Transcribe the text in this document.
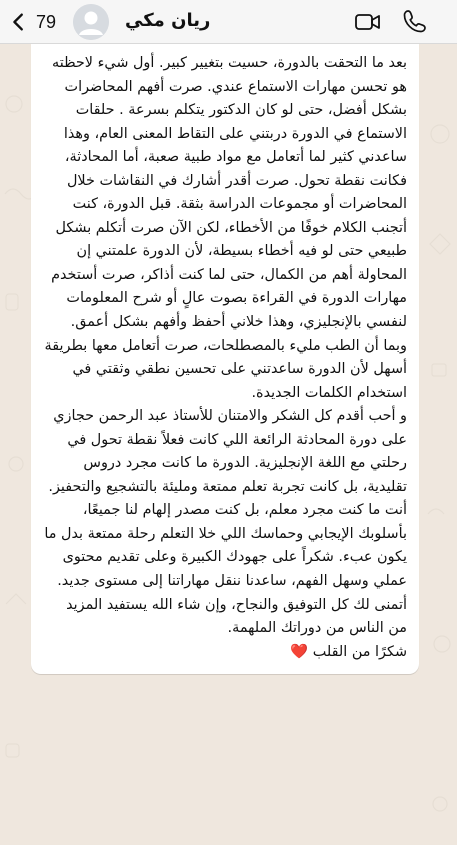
79	ريان مكي

بعد ما التحقت بالدورة، حسيت بتغيير كبير. أول شيء لاحظته هو تحسن مهارات الاستماع عندي. صرت أفهم المحاضرات بشكل أفضل، حتى لو كان الدكتور يتكلم بسرعة . حلقات الاستماع في الدورة دربتني على التقاط المعنى العام، وهذا ساعدني كثير لما أتعامل مع مواد طبية صعبة، أما المحادثة، فكانت نقطة تحول. صرت أقدر أشارك في النقاشات خلال المحاضرات أو مجموعات الدراسة بثقة. قبل الدورة، كنت أتجنب الكلام خوفًا من الأخطاء، لكن الآن صرت أتكلم بشكل طبيعي حتى لو فيه أخطاء بسيطة، لأن الدورة علمتني إن المحاولة أهم من الكمال، حتى لما كنت أذاكر، صرت أستخدم مهارات الدورة في القراءة بصوت عالٍ أو شرح المعلومات لنفسي بالإنجليزي، وهذا خلاني أحفظ وأفهم بشكل أعمق. وبما أن الطب مليء بالمصطلحات، صرت أتعامل معها بطريقة أسهل لأن الدورة ساعدتني على تحسين نطقي وثقتي في استخدام الكلمات الجديدة.
و أحب أقدم كل الشكر والامتنان للأستاذ عبد الرحمن حجازي على دورة المحادثة الرائعة اللي كانت فعلاً نقطة تحول في رحلتي مع اللغة الإنجليزية. الدورة ما كانت مجرد دروس تقليدية، بل كانت تجربة تعلم ممتعة ومليئة بالتشجيع والتحفيز. أنت ما كنت مجرد معلم، بل كنت مصدر إلهام لنا جميعًا، بأسلوبك الإيجابي وحماسك اللي خلا التعلم رحلة ممتعة بدل ما يكون عبء. شكراً على جهودك الكبيرة وعلى تقديم محتوى عملي وسهل الفهم، ساعدنا ننقل مهاراتنا إلى مستوى جديد.
أتمنى لك كل التوفيق والنجاح، وإن شاء الله يستفيد المزيد من الناس من دوراتك الملهمة.
شكرًا من القلب ❤️
